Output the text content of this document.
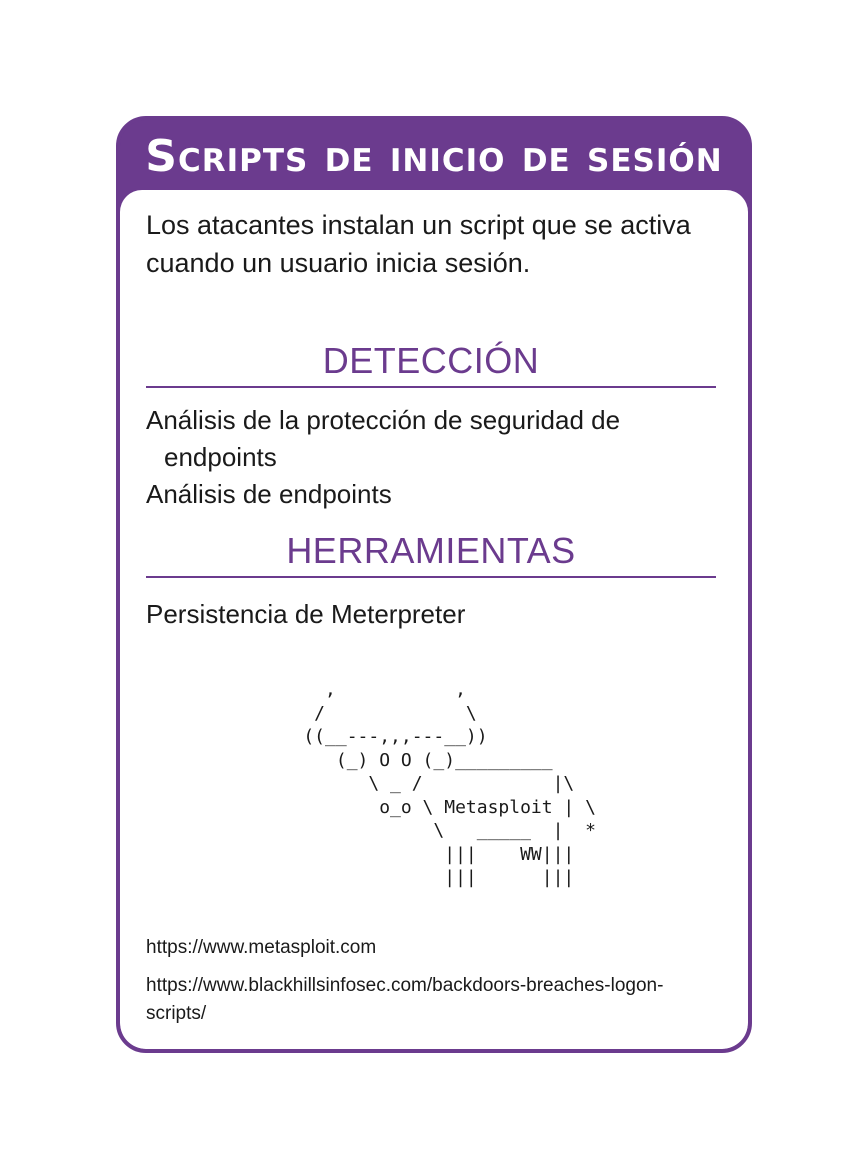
Scripts de inicio de sesión
Los atacantes instalan un script que se activa cuando un usuario inicia sesión.
DETECCIÓN
Análisis de la protección de seguridad de endpoints
Análisis de endpoints
HERRAMIENTAS
Persistencia de Meterpreter
,           ,
/             \
((__---,,,---__))
(_) O O (_)_________
\ _ /            |\
o_o \ Metasploit | \
\   _____  |  *
|||    WW|||
|||      |||
https://www.metasploit.com
https://www.blackhillsinfosec.com/backdoors-breaches-logon-scripts/
